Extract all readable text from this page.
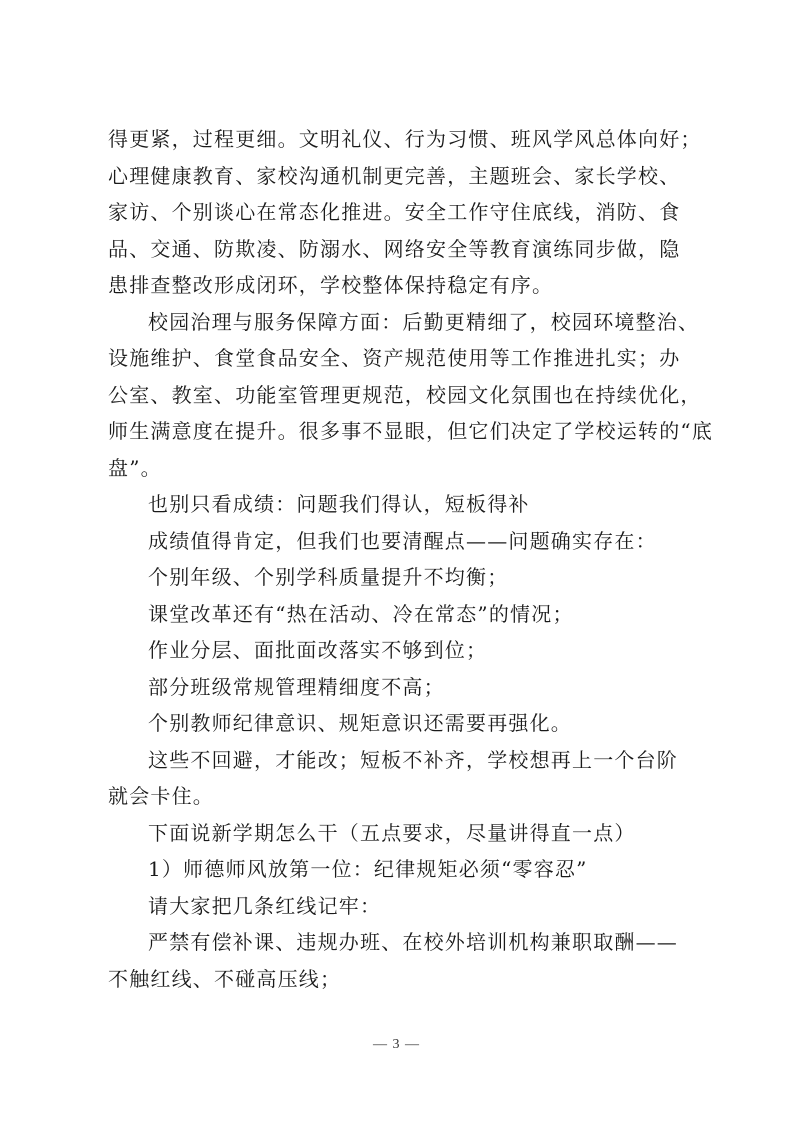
得更紧，过程更细。文明礼仪、行为习惯、班风学风总体向好；
心理健康教育、家校沟通机制更完善，主题班会、家长学校、
家访、个别谈心在常态化推进。安全工作守住底线，消防、食
品、交通、防欺凌、防溺水、网络安全等教育演练同步做，隐
患排查整改形成闭环，学校整体保持稳定有序。
校园治理与服务保障方面：后勤更精细了，校园环境整治、
设施维护、食堂食品安全、资产规范使用等工作推进扎实；办
公室、教室、功能室管理更规范，校园文化氛围也在持续优化，
师生满意度在提升。很多事不显眼，但它们决定了学校运转的“底
盘”。
也别只看成绩：问题我们得认，短板得补
成绩值得肯定，但我们也要清醒点——问题确实存在：
个别年级、个别学科质量提升不均衡；
课堂改革还有“热在活动、冷在常态”的情况；
作业分层、面批面改落实不够到位；
部分班级常规管理精细度不高；
个别教师纪律意识、规矩意识还需要再强化。
这些不回避，才能改；短板不补齐，学校想再上一个台阶
就会卡住。
下面说新学期怎么干（五点要求，尽量讲得直一点）
1）师德师风放第一位：纪律规矩必须“零容忍”
请大家把几条红线记牢：
严禁有偿补课、违规办班、在校外培训机构兼职取酬——
不触红线、不碰高压线；
— 3 —
